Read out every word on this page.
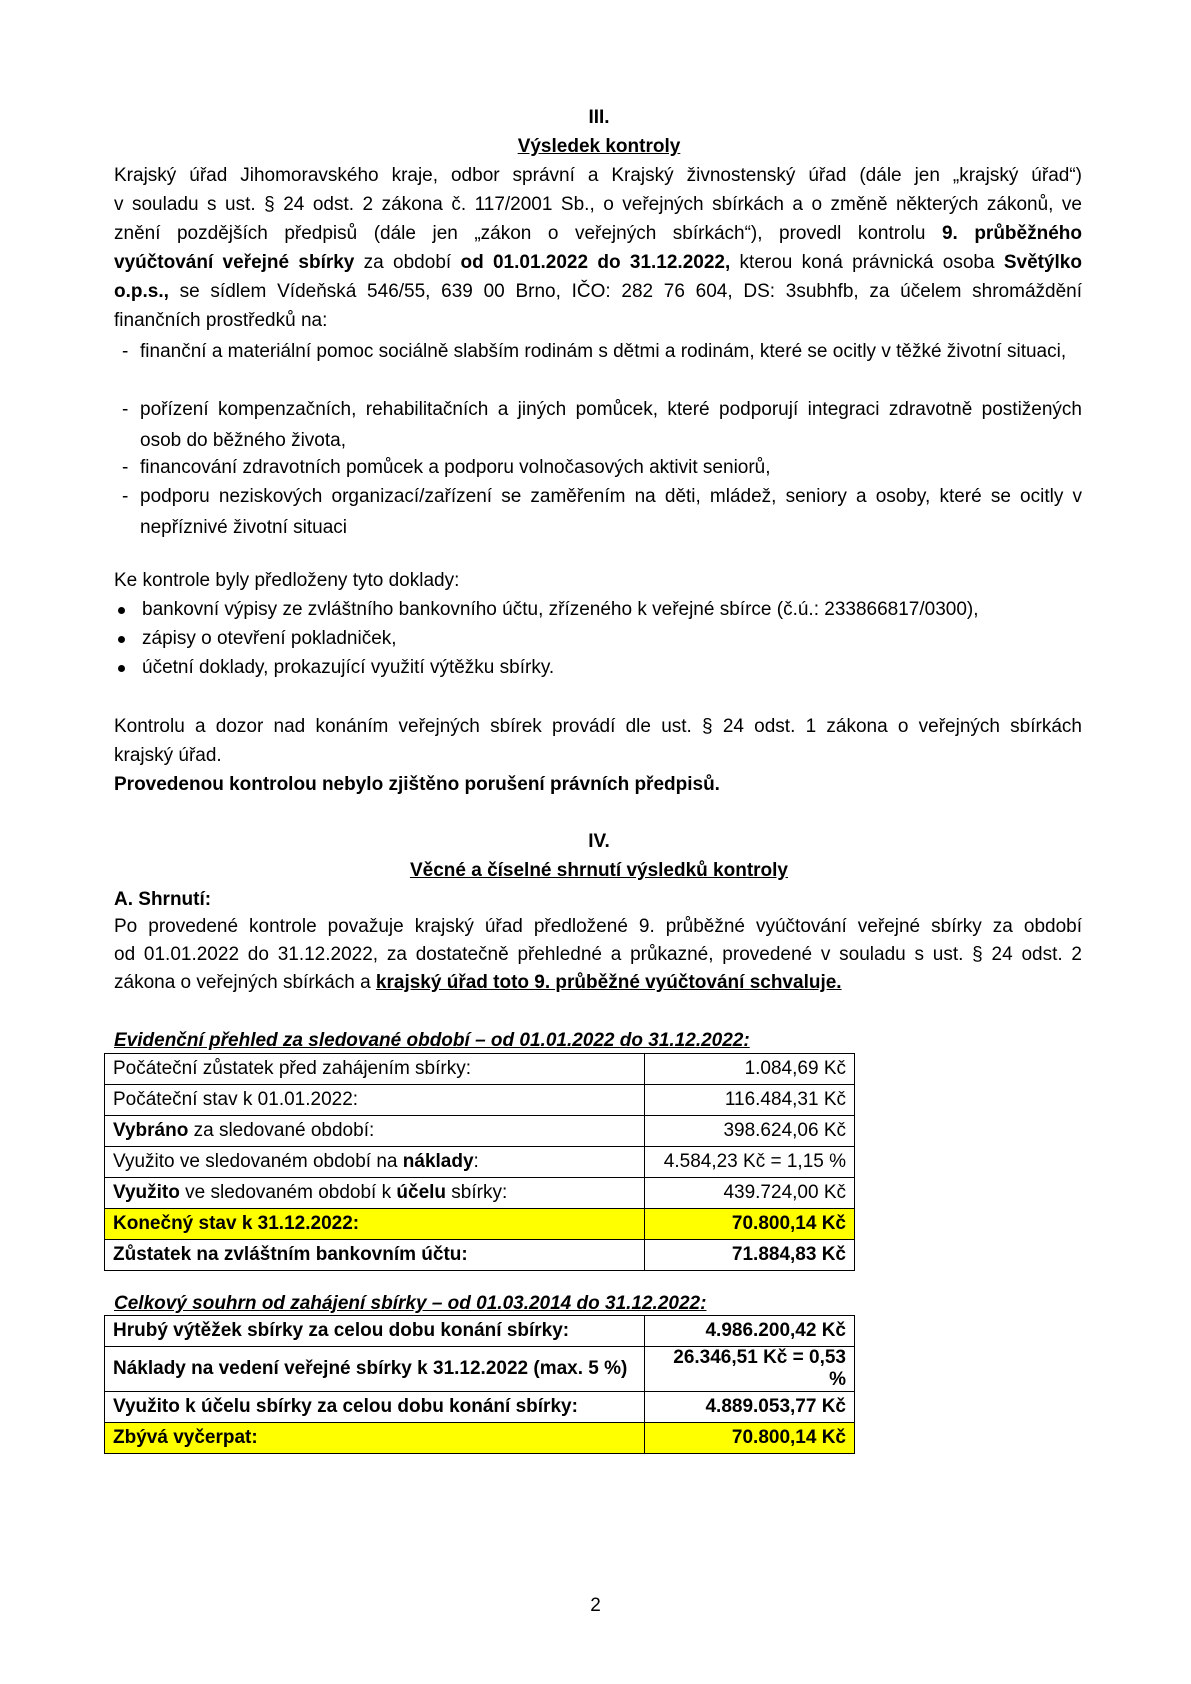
III.
Výsledek kontroly
Krajský úřad Jihomoravského kraje, odbor správní a Krajský živnostenský úřad (dále jen „krajský úřad“)
v souladu s ust. § 24 odst. 2 zákona č. 117/2001 Sb., o veřejných sbírkách a o změně některých zákonů, ve
znění pozdějších předpisů (dále jen „zákon o veřejných sbírkách“), provedl kontrolu 9. průběžného
vyúčtování veřejné sbírky za období od 01.01.2022 do 31.12.2022, kterou koná právnická osoba Světýlko
o.p.s., se sídlem Vídeňská 546/55, 639 00 Brno, IČO: 282 76 604, DS: 3subhfb, za účelem shromáždění
finančních prostředků na:
- finanční a materiální pomoc sociálně slabším rodinám s dětmi a rodinám, které se ocitly v těžké životní situaci,
- pořízení kompenzačních, rehabilitačních a jiných pomůcek, které podporují integraci zdravotně postižených osob do běžného života,
- financování zdravotních pomůcek a podporu volnočasových aktivit seniorů,
- podporu neziskových organizací/zařízení se zaměřením na děti, mládež, seniory a osoby, které se ocitly v nepříznivé životní situaci
Ke kontrole byly předloženy tyto doklady:
bankovní výpisy ze zvláštního bankovního účtu, zřízeného k veřejné sbírce (č.ú.: 233866817/0300),
zápisy o otevření pokladniček,
účetní doklady, prokazující využití výtěžku sbírky.
Kontrolu a dozor nad konáním veřejných sbírek provádí dle ust. § 24 odst. 1 zákona o veřejných sbírkách
krajský úřad.
Provedenou kontrolou nebylo zjištěno porušení právních předpisů.
IV.
Věcné a číselné shrnutí výsledků kontroly
A. Shrnutí:
Po provedené kontrole považuje krajský úřad předložené 9. průběžné vyúčtování veřejné sbírky za období
od 01.01.2022 do 31.12.2022, za dostatečně přehledné a průkazné, provedené v souladu s ust. § 24 odst. 2
zákona o veřejných sbírkách a krajský úřad toto 9. průběžné vyúčtování schvaluje.
Evidenční přehled za sledované období – od 01.01.2022 do 31.12.2022:
Počáteční zůstatek před zahájením sbírky:	1.084,69 Kč
Počáteční stav k 01.01.2022:	116.484,31 Kč
Vybráno za sledované období:	398.624,06 Kč
Využito ve sledovaném období na náklady:	4.584,23 Kč = 1,15 %
Využito ve sledovaném období k účelu sbírky:	439.724,00 Kč
Konečný stav k 31.12.2022:	70.800,14 Kč
Zůstatek na zvláštním bankovním účtu:	71.884,83 Kč
Celkový souhrn od zahájení sbírky – od 01.03.2014 do 31.12.2022:
Hrubý výtěžek sbírky za celou dobu konání sbírky:	4.986.200,42 Kč
Náklady na vedení veřejné sbírky k 31.12.2022 (max. 5 %)	26.346,51 Kč = 0,53 %
Využito k účelu sbírky za celou dobu konání sbírky:	4.889.053,77 Kč
Zbývá vyčerpat:	70.800,14 Kč
2
